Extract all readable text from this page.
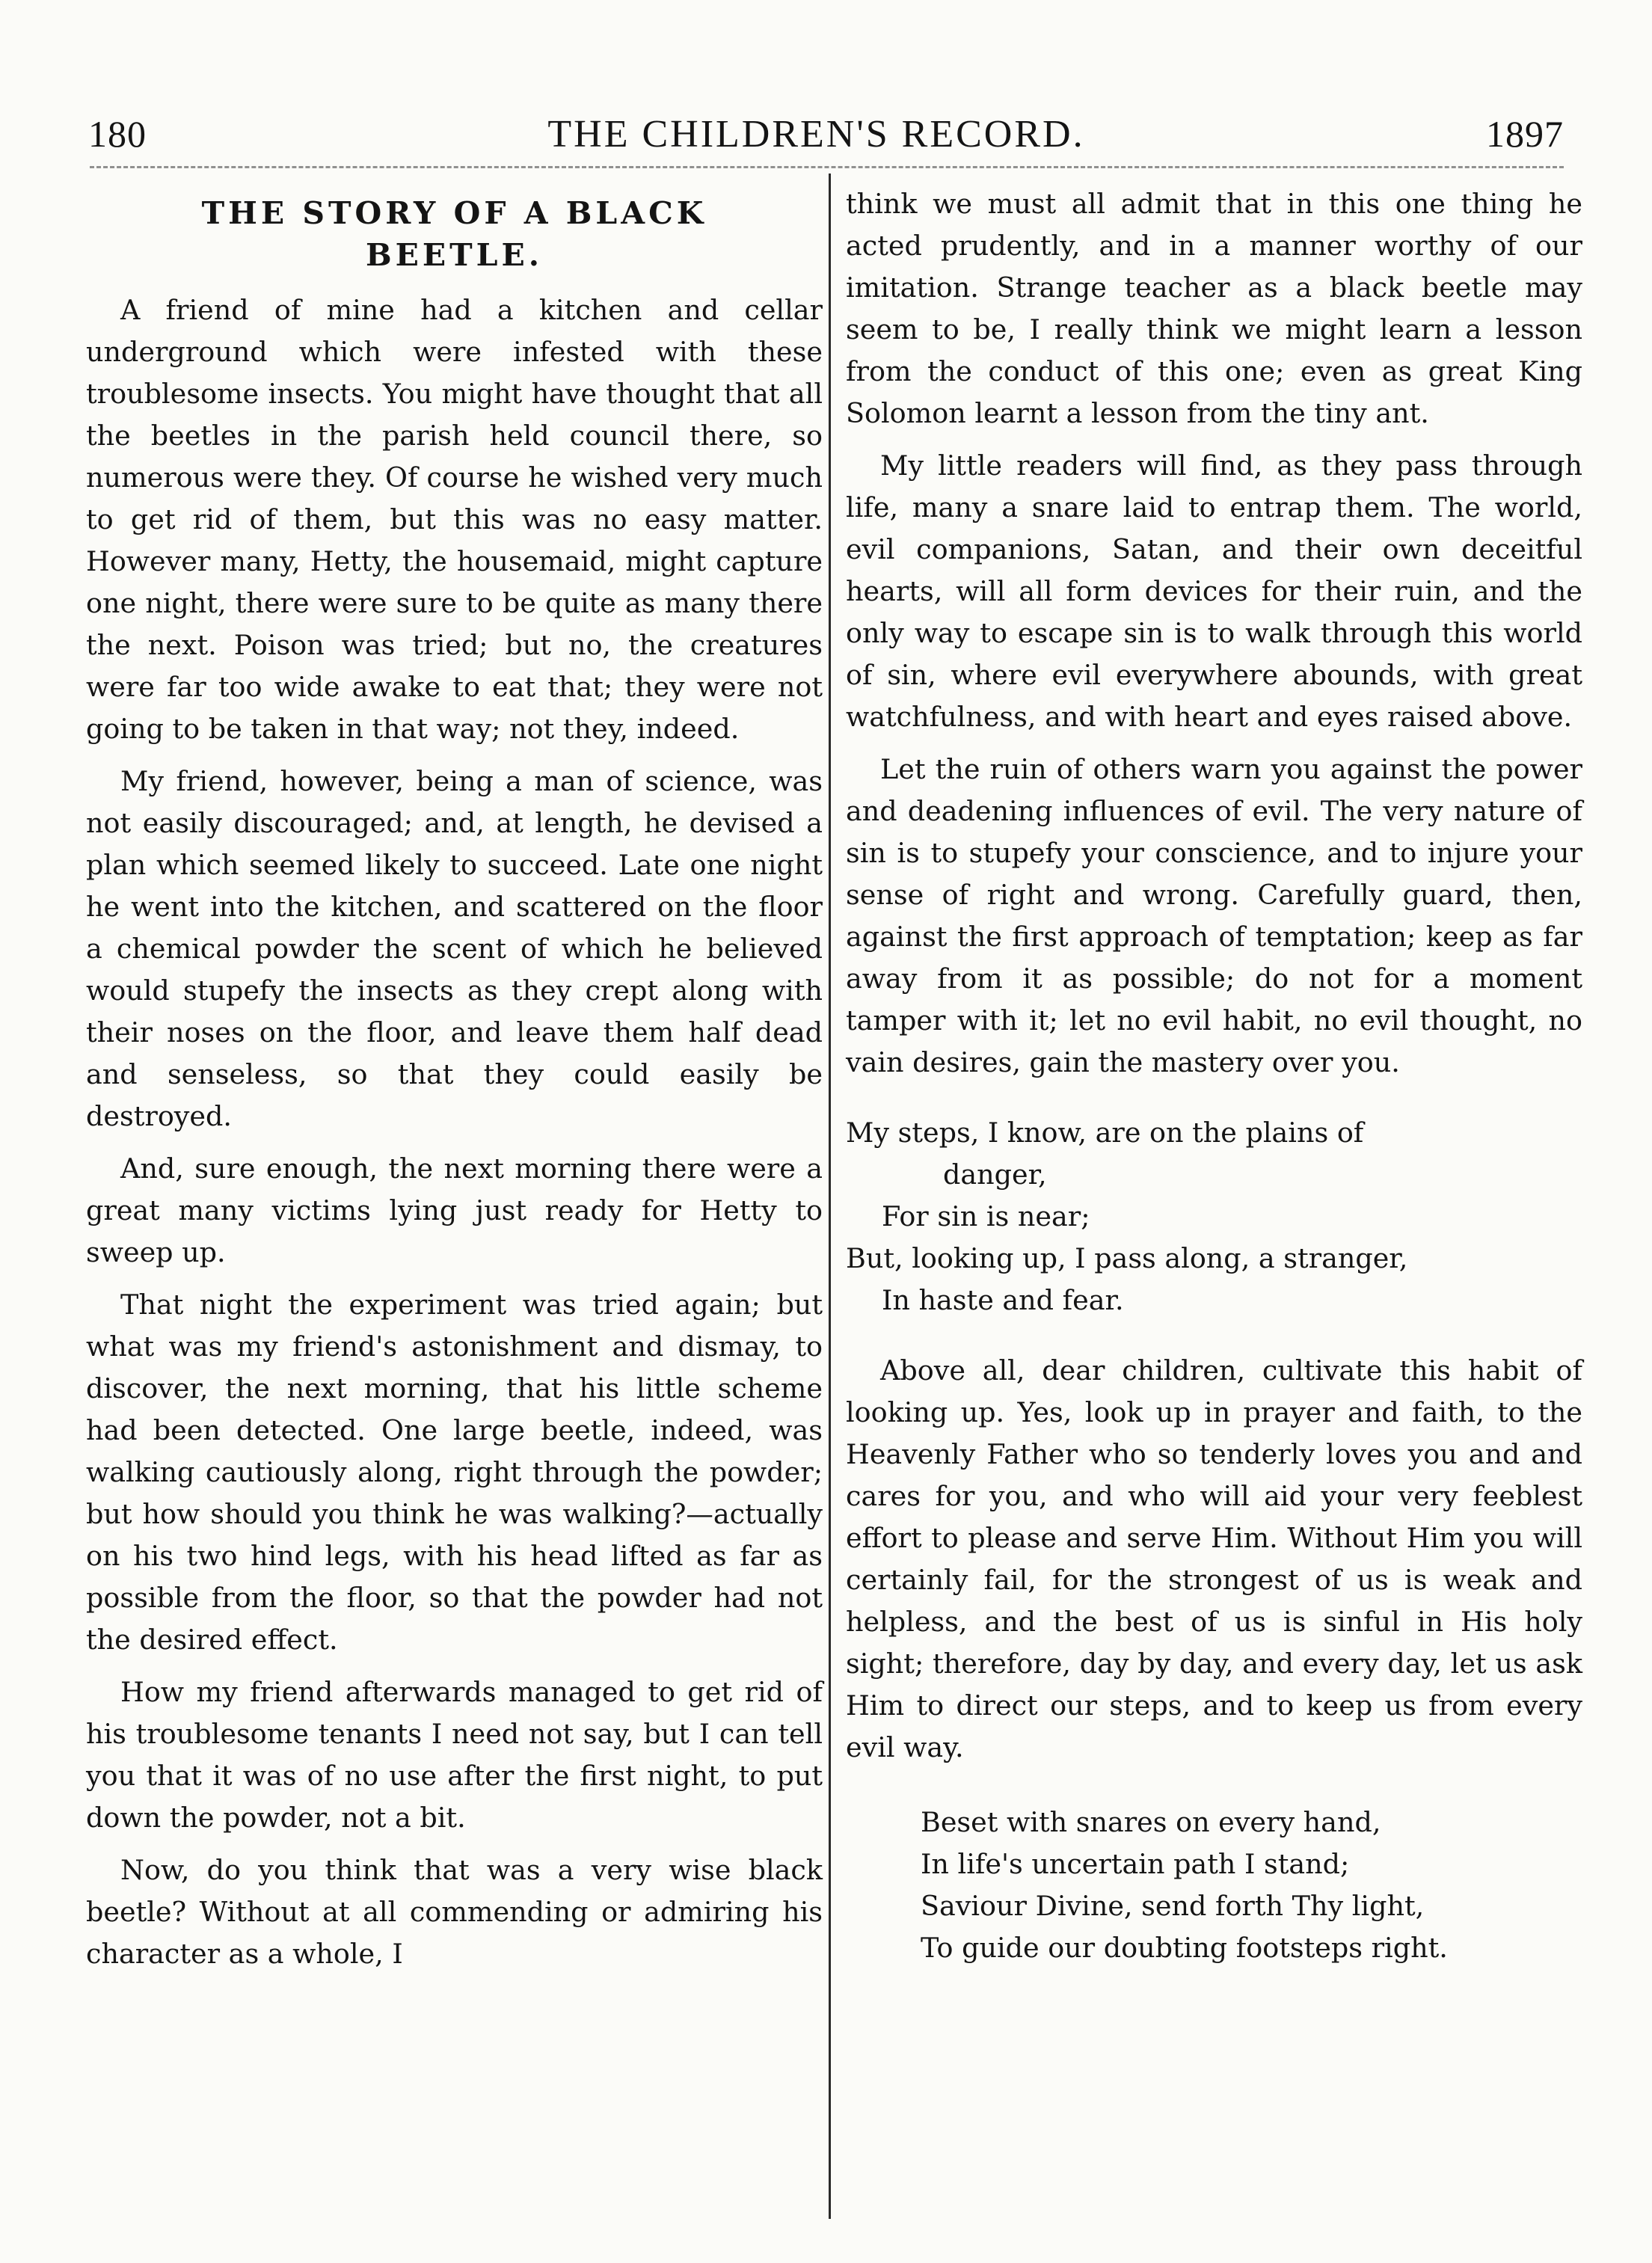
180	THE CHILDREN'S RECORD.	1897
THE STORY OF A BLACK
BEETLE.

A friend of mine had a kitchen and cellar underground which were infested with these troublesome insects. You might have thought that all the beetles in the parish held council there, so numerous were they. Of course he wished very much to get rid of them, but this was no easy matter. However many, Hetty, the housemaid, might capture one night, there were sure to be quite as many there the next. Poison was tried; but no, the creatures were far too wide awake to eat that; they were not going to be taken in that way; not they, indeed.

My friend, however, being a man of science, was not easily discouraged; and, at length, he devised a plan which seemed likely to succeed. Late one night he went into the kitchen, and scattered on the floor a chemical powder the scent of which he believed would stupefy the insects as they crept along with their noses on the floor, and leave them half dead and senseless, so that they could easily be destroyed.

And, sure enough, the next morning there were a great many victims lying just ready for Hetty to sweep up.

That night the experiment was tried again; but what was my friend's astonishment and dismay, to discover, the next morning, that his little scheme had been detected. One large beetle, indeed, was walking cautiously along, right through the powder; but how should you think he was walking?—actually on his two hind legs, with his head lifted as far as possible from the floor, so that the powder had not the desired effect.

How my friend afterwards managed to get rid of his troublesome tenants I need not say, but I can tell you that it was of no use after the first night, to put down the powder, not a bit.

Now, do you think that was a very wise black beetle? Without at all commending or admiring his character as a whole, I

think we must all admit that in this one thing he acted prudently, and in a manner worthy of our imitation. Strange teacher as a black beetle may seem to be, I really think we might learn a lesson from the conduct of this one; even as great King Solomon learnt a lesson from the tiny ant.

My little readers will find, as they pass through life, many a snare laid to entrap them. The world, evil companions, Satan, and their own deceitful hearts, will all form devices for their ruin, and the only way to escape sin is to walk through this world of sin, where evil everywhere abounds, with great watchfulness, and with heart and eyes raised above.

Let the ruin of others warn you against the power and deadening influences of evil. The very nature of sin is to stupefy your conscience, and to injure your sense of right and wrong. Carefully guard, then, against the first approach of temptation; keep as far away from it as possible; do not for a moment tamper with it; let no evil habit, no evil thought, no vain desires, gain the mastery over you.

My steps, I know, are on the plains of
danger,
For sin is near;
But, looking up, I pass along, a stranger,
In haste and fear.

Above all, dear children, cultivate this habit of looking up. Yes, look up in prayer and faith, to the Heavenly Father who so tenderly loves you and and cares for you, and who will aid your very feeblest effort to please and serve Him. Without Him you will certainly fail, for the strongest of us is weak and helpless, and the best of us is sinful in His holy sight; therefore, day by day, and every day, let us ask Him to direct our steps, and to keep us from every evil way.

Beset with snares on every hand,
In life's uncertain path I stand;
Saviour Divine, send forth Thy light,
To guide our doubting footsteps right.
